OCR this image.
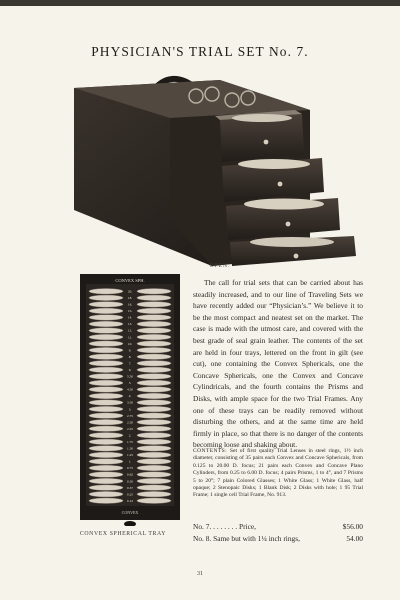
PHYSICIAN'S TRIAL SET No. 7.
OPEN.
CONVEX SPH.
20.
18.
16.
15.
14.
13.
12.
11.
10.
9.
8.
7.
6.
5.50
5.
4.50
4.
3.50
3.
2.75
2.50
2.25
2.
1.75
1.50
1.25
1.
0.75
0.62
0.50
0.37
0.25
0.12
CONVEX
CONVEX SPHERICAL TRAY

The call for trial sets that can be carried about has steadily increased, and to our line of Traveling Sets we have recently added our “Physician’s.” We believe it to be the most compact and neatest set on the market. The case is made with the utmost care, and covered with the best grade of seal grain leather. The contents of the set are held in four trays, lettered on the front in gilt (see cut), one containing the Convex Sphericals, one the Concave Sphericals, one the Convex and Concave Cylindricals, and the fourth contains the Prisms and Disks, with ample space for the two Trial Frames. Any one of these trays can be readily removed without disturbing the others, and at the same time are held firmly in place, so that there is no danger of the contents becoming loose and shaking about.

CONTENTS: Set of first quality Trial Lenses in steel rings, 1½ inch diameter, consisting of 35 pairs each Convex and Concave Sphericals, from 0.125 to 20.00 D. focus; 21 pairs each Convex and Concave Plano Cylinders, from 0.25 to 6.00 D. focus; 4 pairs Prisms, 1 to 4°, and 7 Prisms 5 to 20°; 7 plain Colored Glasses; 1 White Glass; 1 White Glass, half opaque; 2 Stenopaic Disks; 1 Blank Disk; 2 Disks with hole; 1 95 Trial Frame; 1 single cell Trial Frame, No. 913.
No. 7. . . . . . . . Price,	$56.00
No. 8. Same but with 1¼ inch rings,	54.00
31
